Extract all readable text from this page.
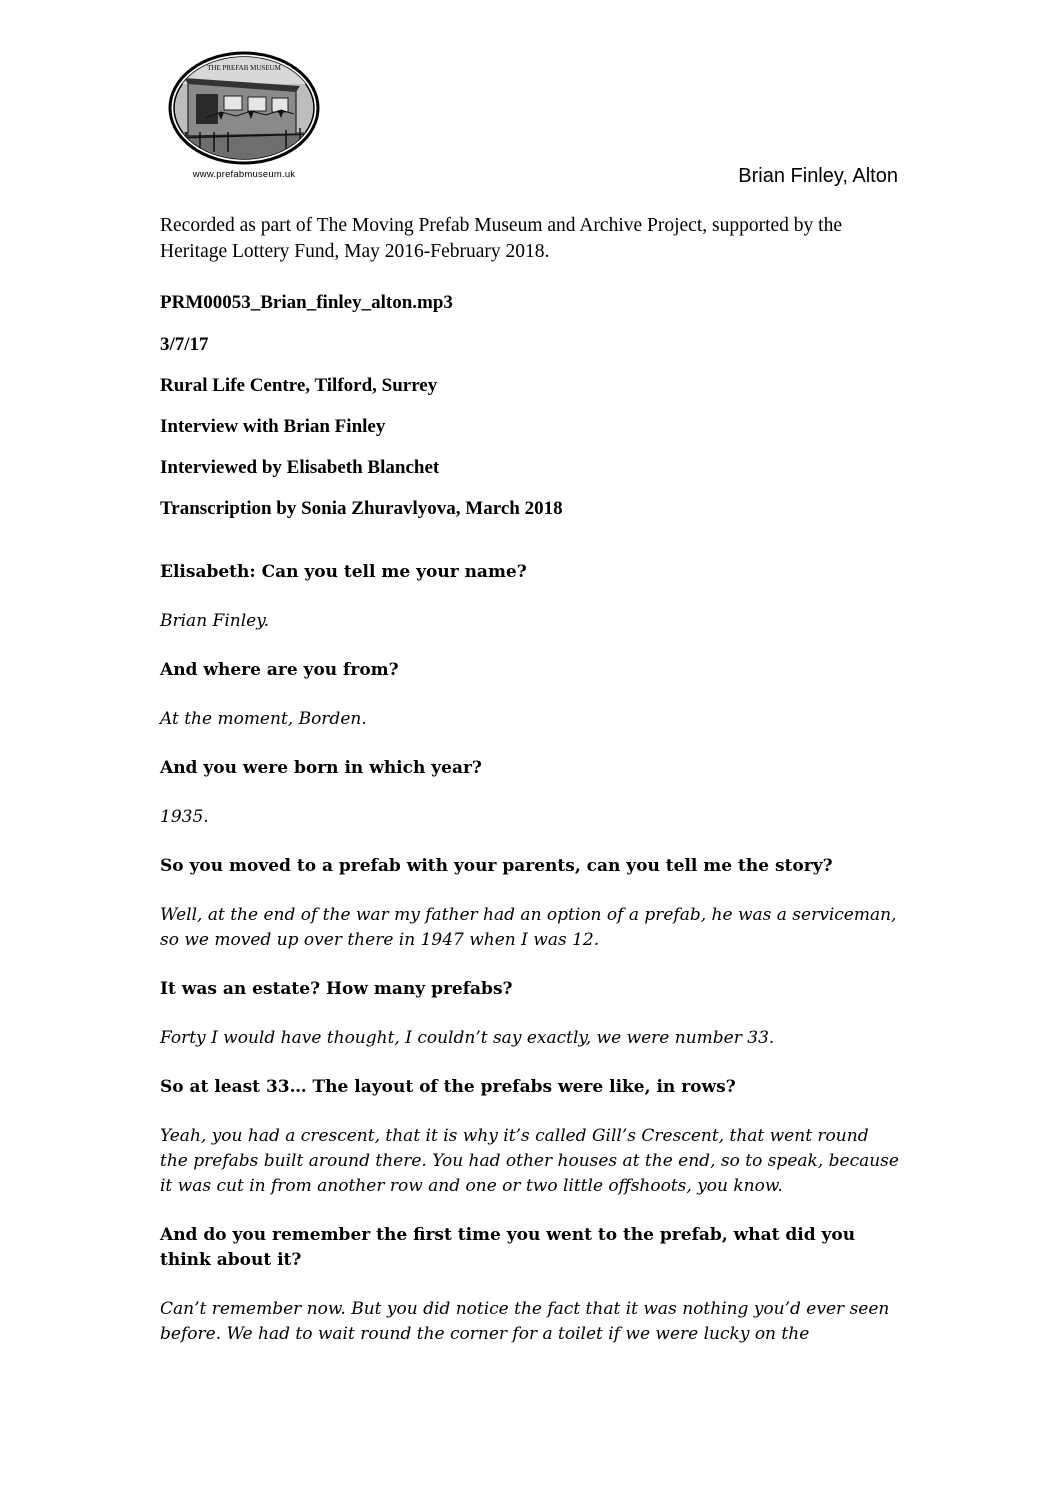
THE PREFAB MUSEUM
www.prefabmuseum.uk	Brian Finley, Alton

Recorded as part of The Moving Prefab Museum and Archive Project, supported by the Heritage Lottery Fund, May 2016-February 2018.

PRM00053_Brian_finley_alton.mp3
3/7/17
Rural Life Centre, Tilford, Surrey
Interview with Brian Finley
Interviewed by Elisabeth Blanchet
Transcription by Sonia Zhuravlyova, March 2018

Elisabeth: Can you tell me your name?

Brian Finley.

And where are you from?

At the moment, Borden.

And you were born in which year?

1935.

So you moved to a prefab with your parents, can you tell me the story?

Well, at the end of the war my father had an option of a prefab, he was a serviceman, so we moved up over there in 1947 when I was 12.

It was an estate? How many prefabs?

Forty I would have thought, I couldn’t say exactly, we were number 33.

So at least 33… The layout of the prefabs were like, in rows?

Yeah, you had a crescent, that it is why it’s called Gill’s Crescent, that went round the prefabs built around there. You had other houses at the end, so to speak, because it was cut in from another row and one or two little offshoots, you know.

And do you remember the first time you went to the prefab, what did you think about it?

Can’t remember now. But you did notice the fact that it was nothing you’d ever seen before. We had to wait round the corner for a toilet if we were lucky on the
